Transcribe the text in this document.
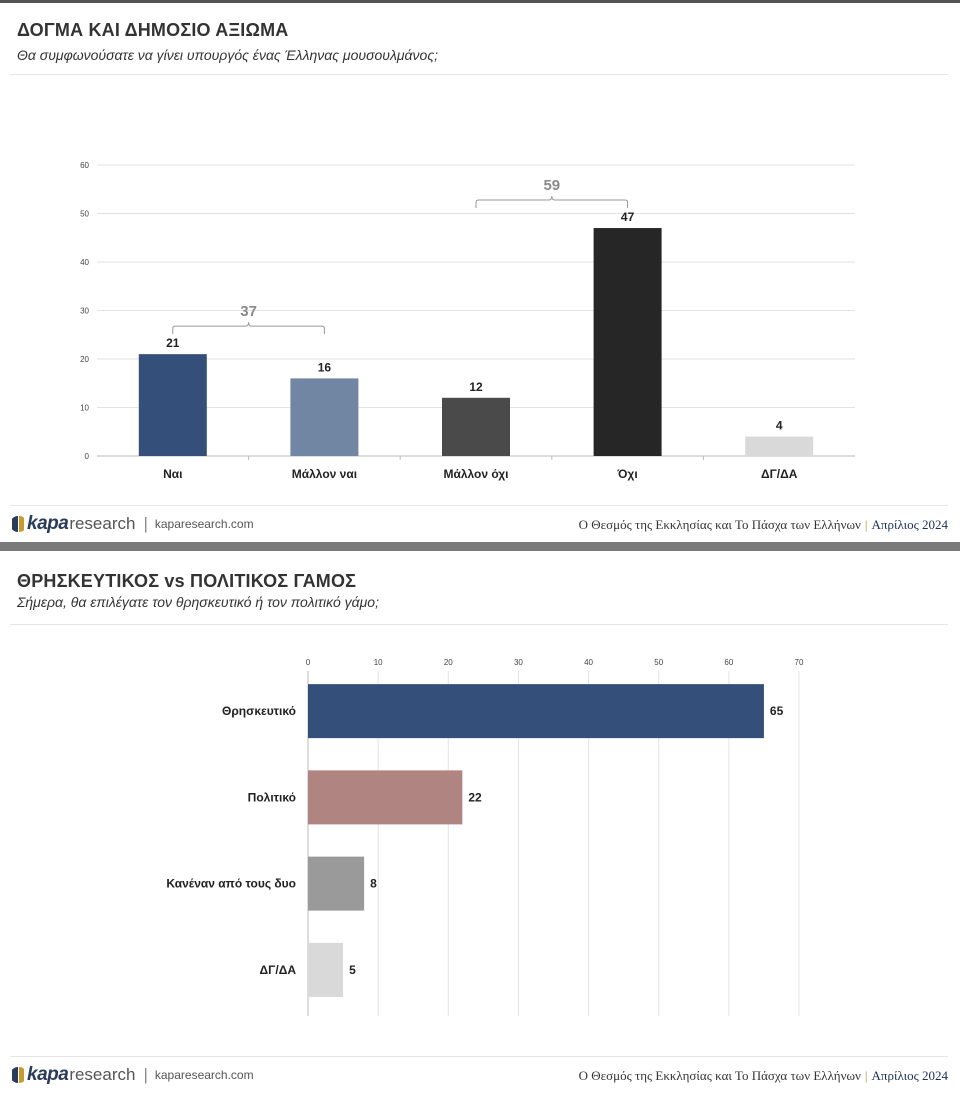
ΔΟΓΜΑ ΚΑΙ ΔΗΜΟΣΙΟ ΑΞΙΩΜΑ
Θα συμφωνούσατε να γίνει υπουργός ένας Έλληνας μουσουλμάνος;
0
10
20
30
40
50
60
21
Ναι
16
Μάλλον ναι
12
Μάλλον όχι
47
Όχι
4
ΔΓ/ΔΑ
37
59
kapa research | kaparesearch.com	Ο Θεσμός της Εκκλησίας και Το Πάσχα των Ελλήνων | Απρίλιος 2024
ΘΡΗΣΚΕΥΤΙΚΟΣ vs ΠΟΛΙΤΙΚΟΣ ΓΑΜΟΣ
Σήμερα, θα επιλέγατε τον θρησκευτικό ή τον πολιτικό γάμο;
0	10	20	30	40	50	60	70
65
Θρησκευτικό
22
Πολιτικό
8
Κανέναν από τους δυο
5
ΔΓ/ΔΑ
kapa research | kaparesearch.com	Ο Θεσμός της Εκκλησίας και Το Πάσχα των Ελλήνων | Απρίλιος 2024
